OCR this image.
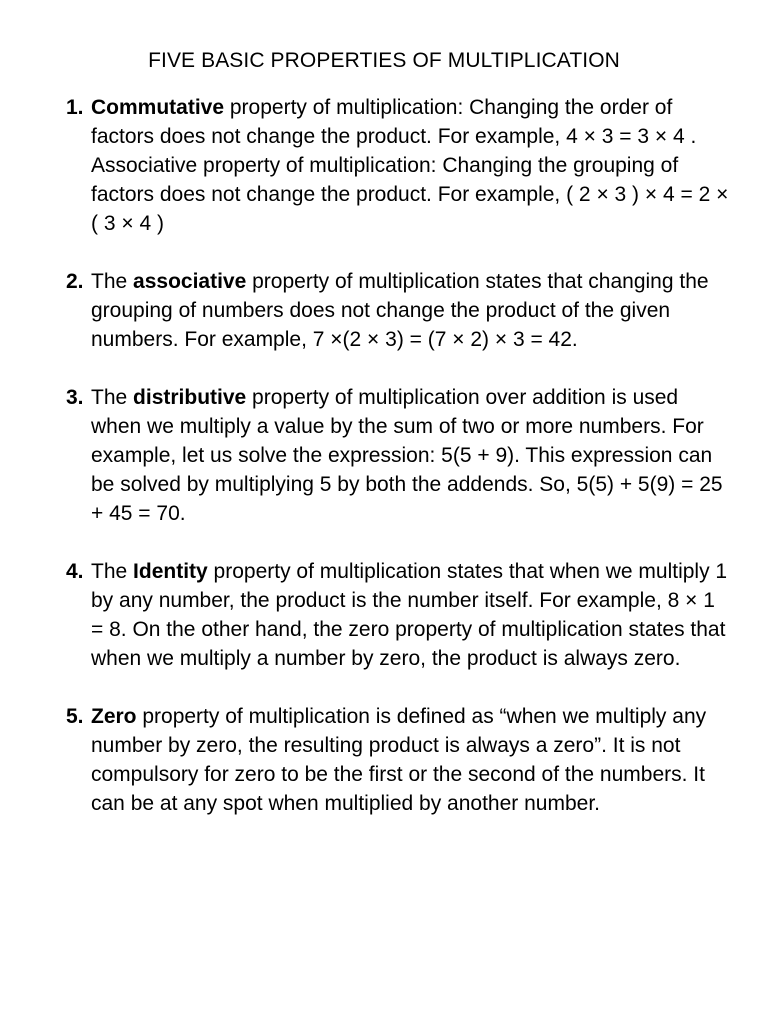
FIVE BASIC PROPERTIES OF MULTIPLICATION
1. Commutative property of multiplication: Changing the order of factors does not change the product. For example, 4 × 3 = 3 × 4 . Associative property of multiplication: Changing the grouping of factors does not change the product. For example, ( 2 × 3 ) × 4 = 2 × ( 3 × 4 )
2. The associative property of multiplication states that changing the grouping of numbers does not change the product of the given numbers. For example, 7 ×(2 × 3) = (7 × 2) × 3 = 42.
3. The distributive property of multiplication over addition is used when we multiply a value by the sum of two or more numbers. For example, let us solve the expression: 5(5 + 9). This expression can be solved by multiplying 5 by both the addends. So, 5(5) + 5(9) = 25 + 45 = 70.
4. The Identity property of multiplication states that when we multiply 1 by any number, the product is the number itself. For example, 8 × 1 = 8. On the other hand, the zero property of multiplication states that when we multiply a number by zero, the product is always zero.
5. Zero property of multiplication is defined as “when we multiply any number by zero, the resulting product is always a zero”. It is not compulsory for zero to be the first or the second of the numbers. It can be at any spot when multiplied by another number.
